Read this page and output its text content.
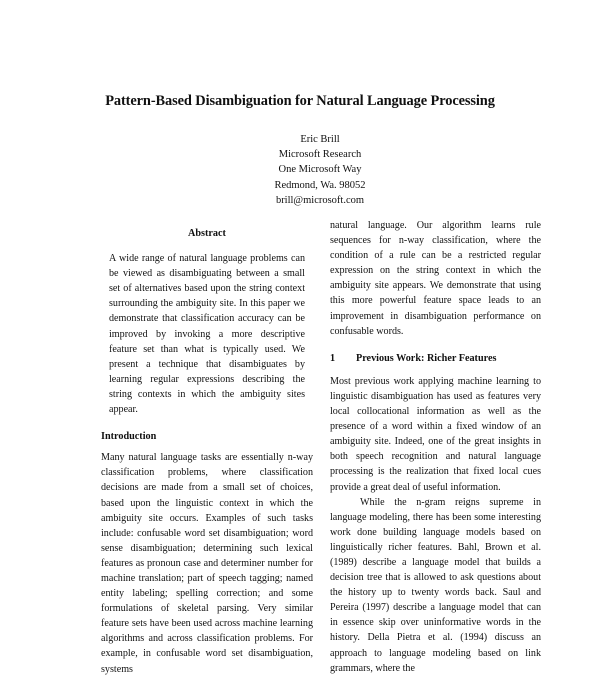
Pattern-Based Disambiguation for Natural Language Processing
Eric Brill
Microsoft Research
One Microsoft Way
Redmond, Wa. 98052
brill@microsoft.com
Abstract

A wide range of natural language problems can be viewed as disambiguating between a small set of alternatives based upon the string context surrounding the ambiguity site. In this paper we demonstrate that classification accuracy can be improved by invoking a more descriptive feature set than what is typically used. We present a technique that disambiguates by learning regular expressions describing the string contexts in which the ambiguity sites appear.

Introduction

Many natural language tasks are essentially n-way classification problems, where classification decisions are made from a small set of choices, based upon the linguistic context in which the ambiguity site occurs. Examples of such tasks include: confusable word set disambiguation; word sense disambiguation; determining such lexical features as pronoun case and determiner number for machine translation; part of speech tagging; named entity labeling; spelling correction; and some formulations of skeletal parsing. Very similar feature sets have been used across machine learning algorithms and across classification problems. For example, in confusable word set disambiguation, systems

natural language. Our algorithm learns rule sequences for n-way classification, where the condition of a rule can be a restricted regular expression on the string context in which the ambiguity site appears. We demonstrate that using this more powerful feature space leads to an improvement in disambiguation performance on confusable words.

1 Previous Work: Richer Features

Most previous work applying machine learning to linguistic disambiguation has used as features very local collocational information as well as the presence of a word within a fixed window of an ambiguity site. Indeed, one of the great insights in both speech recognition and natural language processing is the realization that fixed local cues provide a great deal of useful information.

While the n-gram reigns supreme in language modeling, there has been some interesting work done building language models based on linguistically richer features. Bahl, Brown et al. (1989) describe a language model that builds a decision tree that is allowed to ask questions about the history up to twenty words back. Saul and Pereira (1997) describe a language model that can in essence skip over uninformative words in the history. Della Pietra et al. (1994) discuss an approach to language modeling based on link grammars, where the
